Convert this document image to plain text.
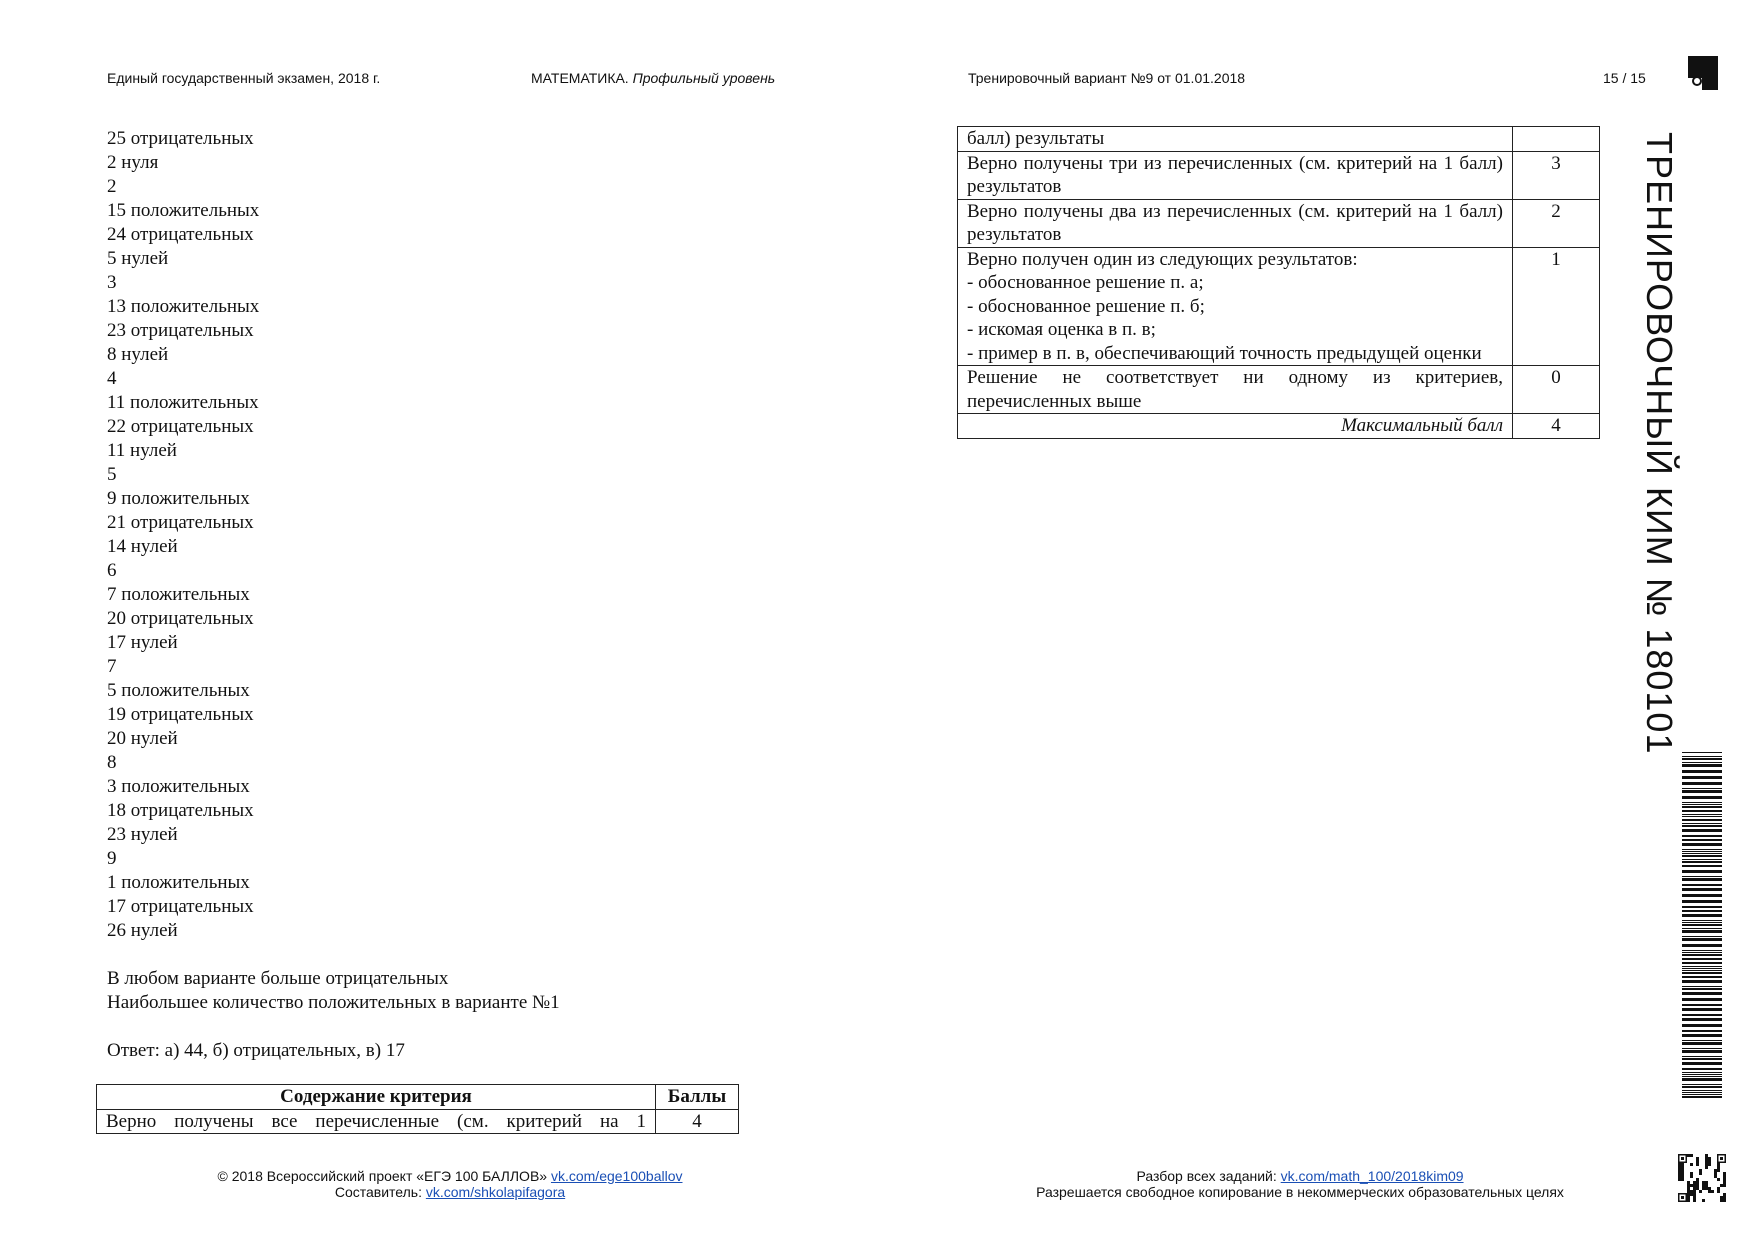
Единый государственный экзамен, 2018 г.	МАТЕМАТИКА. Профильный уровень	Тренировочный вариант №9 от 01.01.2018	15 / 15
25 отрицательных
2 нуля
2
15 положительных
24 отрицательных
5 нулей
3
13 положительных
23 отрицательных
8 нулей
4
11 положительных
22 отрицательных
11 нулей
5
9 положительных
21 отрицательных
14 нулей
6
7 положительных
20 отрицательных
17 нулей
7
5 положительных
19 отрицательных
20 нулей
8
3 положительных
18 отрицательных
23 нулей
9
1 положительных
17 отрицательных
26 нулей
В любом варианте больше отрицательных
Наибольшее количество положительных в варианте №1
Ответ: а) 44, б) отрицательных, в) 17
Содержание критерия	Баллы
Верно получены все перечисленные (см. критерий на 1	4
балл) результаты	
Верно получены три из перечисленных (см. критерий на 1 балл) результатов	3
Верно получены два из перечисленных (см. критерий на 1 балл) результатов	2

Верно получен один из следующих результатов:
- обоснованное решение п. а;
- обоснованное решение п. б;
- искомая оценка в п. в;
- пример в п. в, обеспечивающий точность предыдущей оценки	1
Решение не соответствует ни одному из критериев, перечисленных выше	0
Максимальный балл	4
© 2018 Всероссийский проект «ЕГЭ 100 БАЛЛОВ» vk.com/ege100ballov
Составитель: vk.com/shkolapifagora
Разбор всех заданий: vk.com/math_100/2018kim09
Разрешается свободное копирование в некоммерческих образовательных целях
ТРЕНИРОВОЧНЫЙ КИМ № 180101
